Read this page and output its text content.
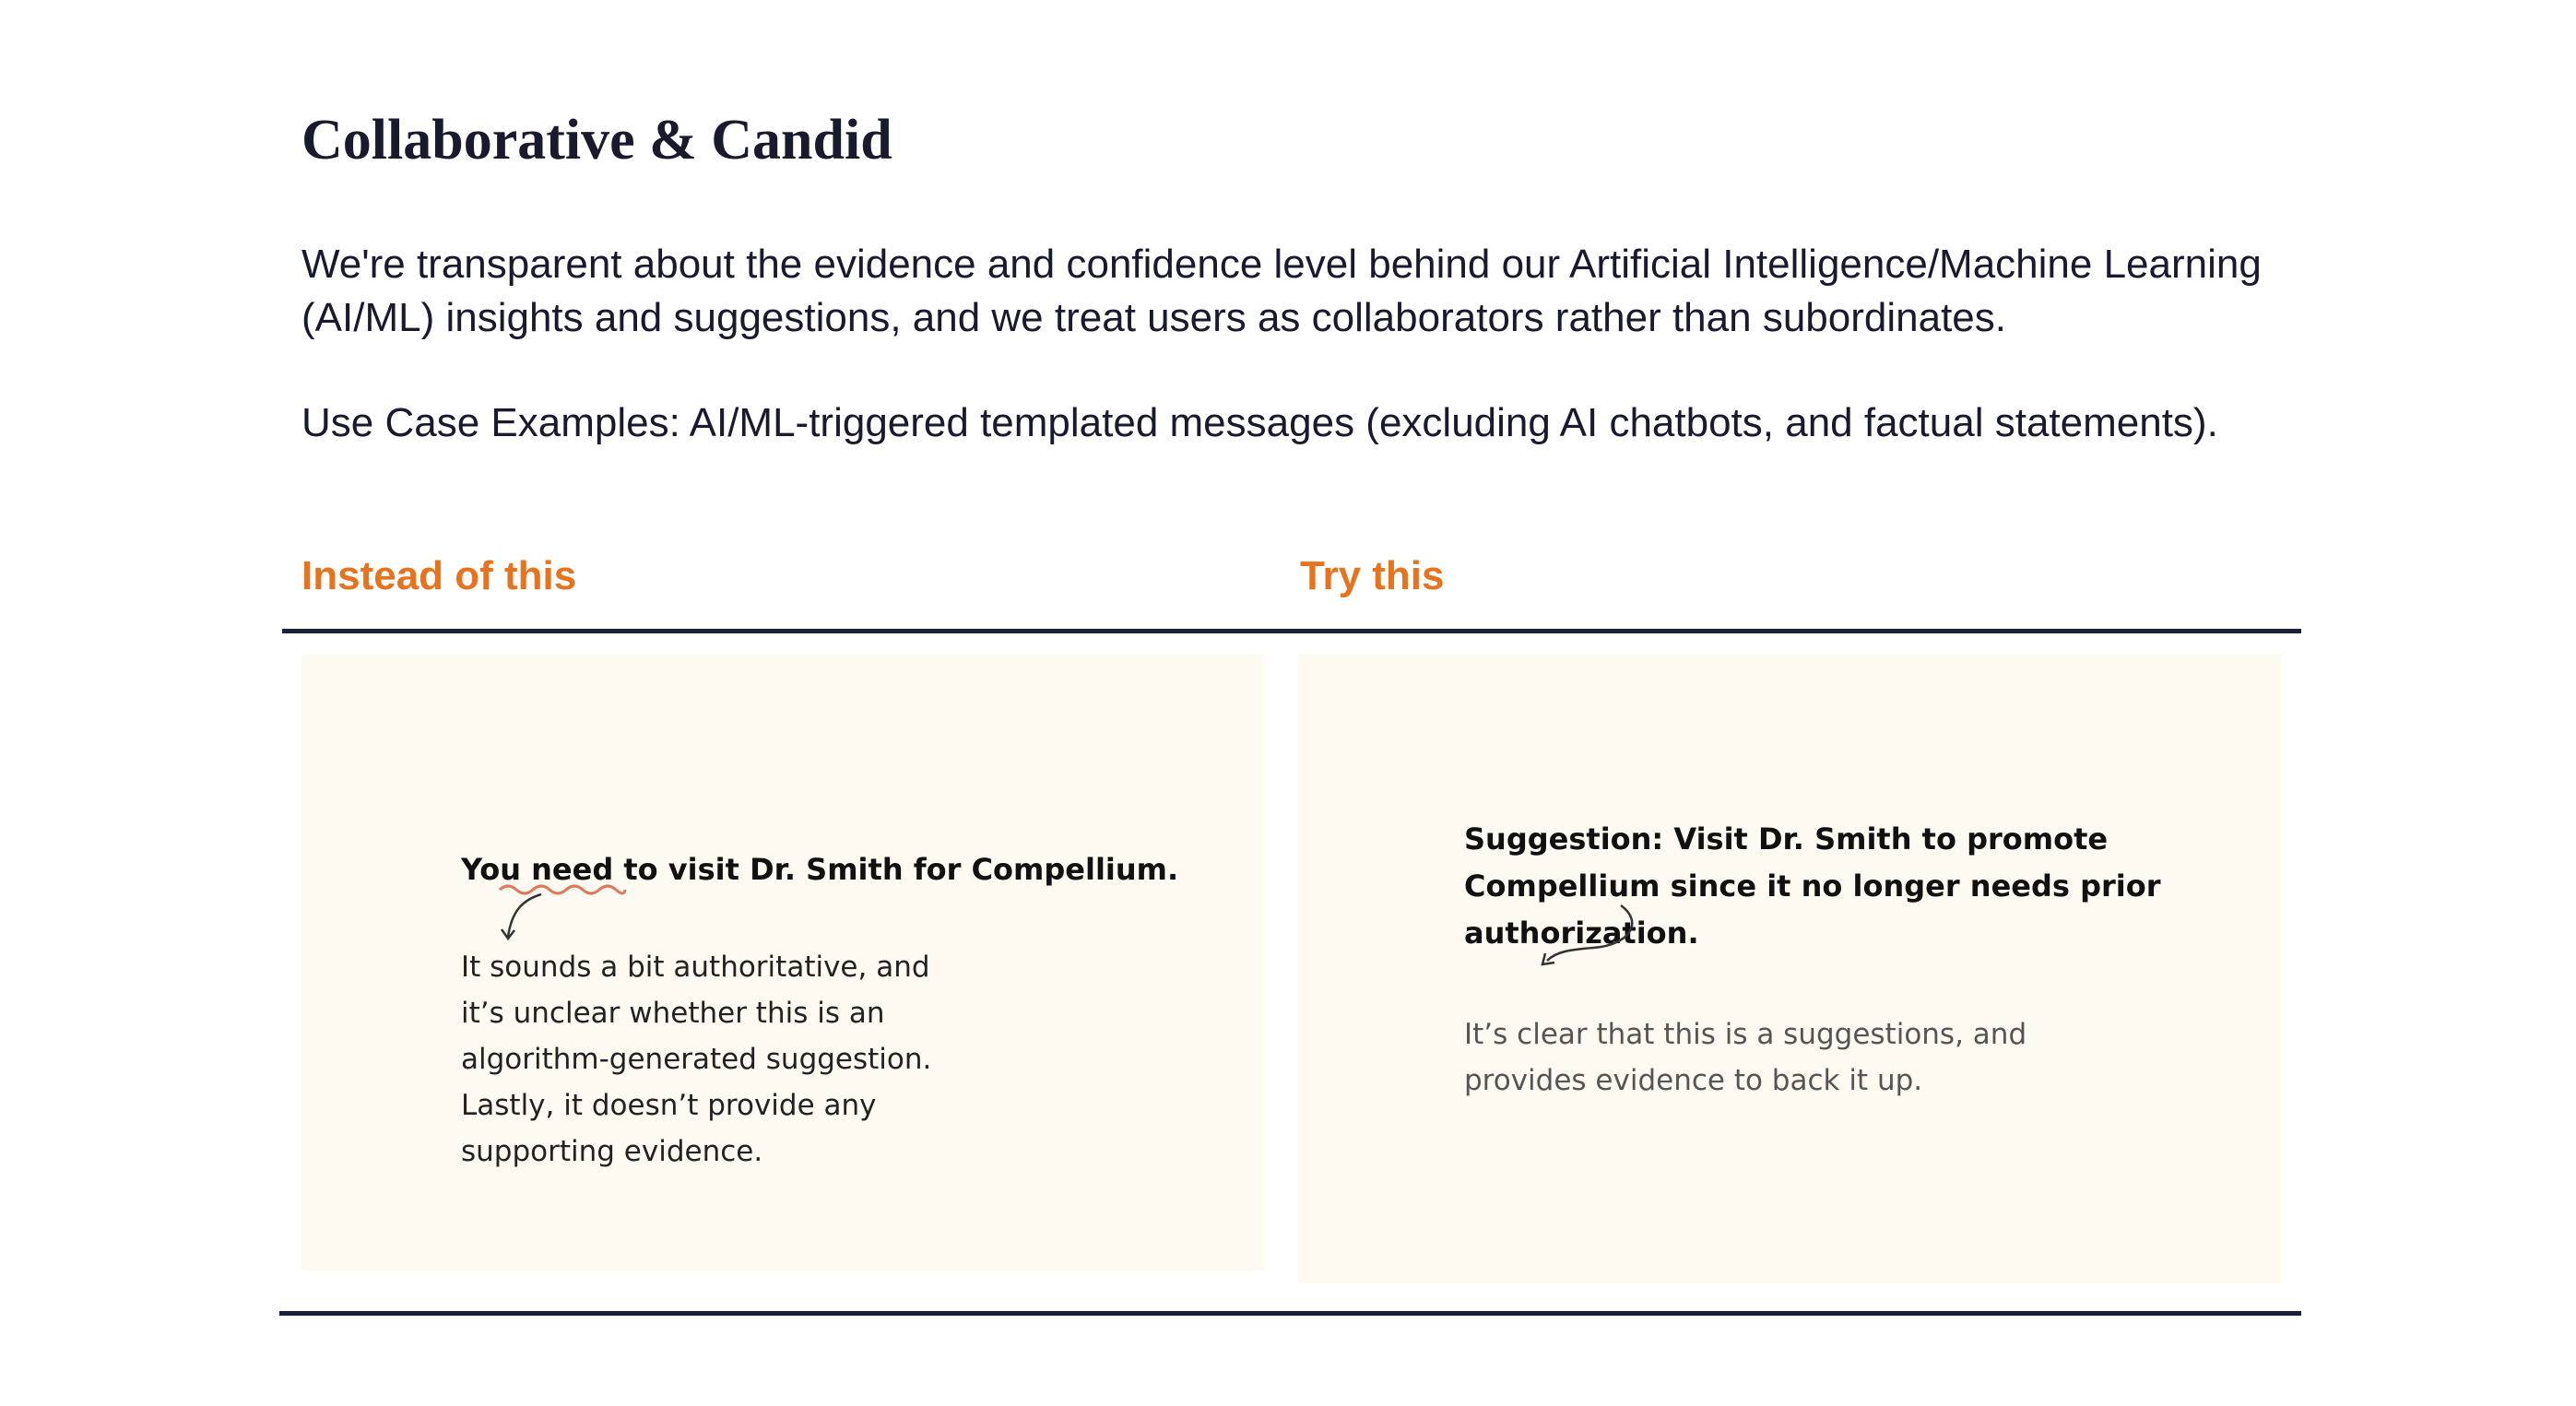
Collaborative & Candid

We're transparent about the evidence and confidence level behind our Artificial Intelligence/Machine Learning (AI/ML) insights and suggestions, and we treat users as collaborators rather than subordinates.

Use Case Examples: AI/ML-triggered templated messages (excluding AI chatbots, and factual statements).

Instead of this	Try this

You need to visit Dr. Smith for Compellium.

It sounds a bit authoritative, and it’s unclear whether this is an algorithm-generated suggestion. Lastly, it doesn’t provide any supporting evidence.

Suggestion: Visit Dr. Smith to promote Compellium since it no longer needs prior authorization.

It’s clear that this is a suggestions, and provides evidence to back it up.
